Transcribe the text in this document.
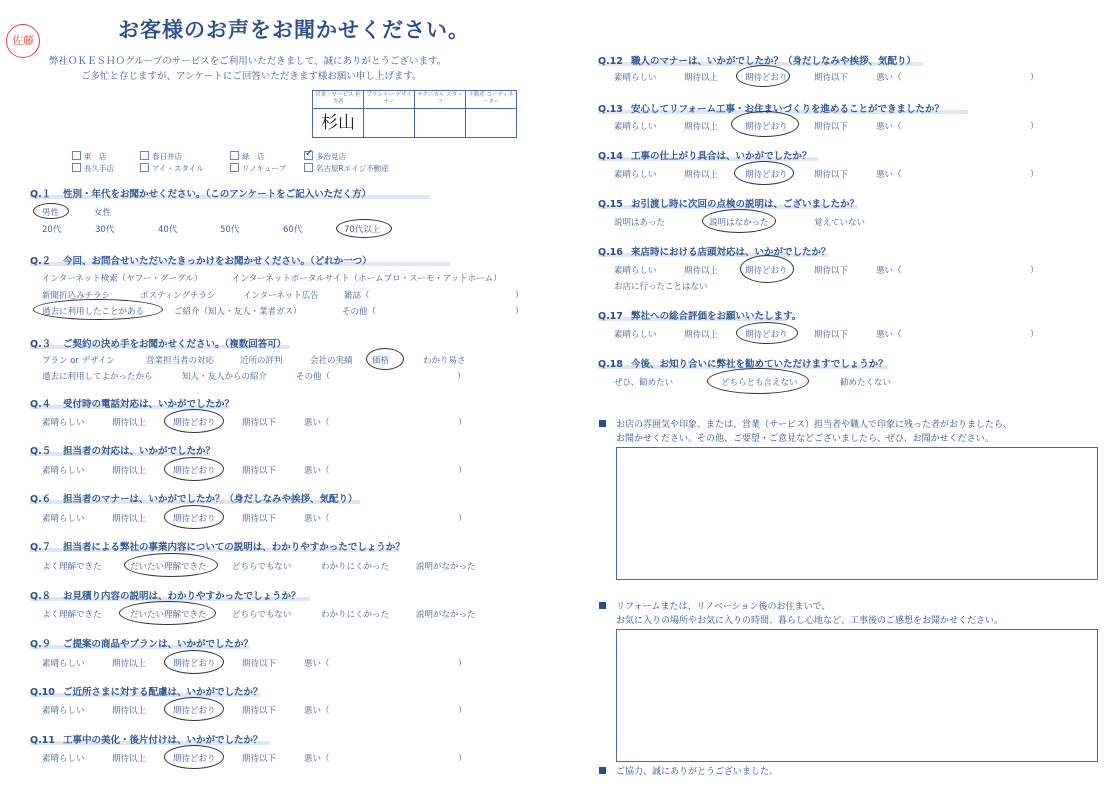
佐藤	お客様のお声をお聞かせください。
弊社ＯＫＥＳＨＯグループのサービスをご利用いただきまして、誠にありがとうございます。
ご多忙と存じますが、アンケートにご回答いただきます様お願い申し上げます。
営業・サービス 担当者	プランナー デザイナー	テクニカル スタッフ	不動産 コーディネーター
杉山			
東　店	春日井店	緑　店	✓ 多治見店
長久手店	アイ・スタイル	リノキューブ	名古屋Rエイジ不動産
Q.１ 性別・年代をお聞かせください。（このアンケートをご記入いただく方）
男性	女性
20代	30代	40代	50代	60代	70代以上
Q.２ 今回、お問合せいただいたきっかけをお聞かせください。（どれか一つ）
インターネット検索（ヤフー・グーグル）	インターネットポータルサイト（ホームプロ・スーモ・アットホーム）
新聞折込みチラシ	ポスティングチラシ	インターネット広告	雑誌（	）
過去に利用したことがある	ご紹介（知人・友人・業者ガス）	その他（	）
Q.３ ご契約の決め手をお聞かせください。（複数回答可）
プラン or デザイン	営業担当者の対応	近所の評判	会社の実績 価格	わかり易さ
過去に利用してよかったから	知人・友人からの紹介	その他（	）
Q.４ 受付時の電話対応は、いかがでしたか？
素晴らしい	期待以上	期待どおり	期待以下	悪い（	）
Q.５ 担当者の対応は、いかがでしたか？
素晴らしい	期待以上	期待どおり	期待以下	悪い（	）
Q.６ 担当者のマナーは、いかがでしたか？（身だしなみや挨拶、気配り）
素晴らしい	期待以上	期待どおり	期待以下	悪い（	）
Q.７ 担当者による弊社の事業内容についての説明は、わかりやすかったでしょうか？
よく理解できた	だいたい理解できた	どちらでもない	わかりにくかった	説明がなかった
Q.８ お見積り内容の説明は、わかりやすかったでしょうか？
よく理解できた	だいたい理解できた	どちらでもない	わかりにくかった	説明がなかった
Q.９ ご提案の商品やプランは、いかがでしたか？
素晴らしい	期待以上	期待どおり	期待以下	悪い（	）
Q.10 ご近所さまに対する配慮は、いかがでしたか？
素晴らしい	期待以上	期待どおり	期待以下	悪い（	）
Q.11 工事中の美化・後片付けは、いかがでしたか？
素晴らしい	期待以上	期待どおり	期待以下	悪い（	）
Q.12 職人のマナーは、いかがでしたか？（身だしなみや挨拶、気配り）
素晴らしい	期待以上	期待どおり	期待以下	悪い（	）
Q.13 安心してリフォーム工事・お住まいづくりを進めることができましたか？
素晴らしい	期待以上	期待どおり	期待以下	悪い（	）
Q.14 工事の仕上がり具合は、いかがでしたか？
素晴らしい	期待以上	期待どおり	期待以下	悪い（	）
Q.15 お引渡し時に次回の点検の説明は、ございましたか？
説明はあった	説明はなかった	覚えていない
Q.16 来店時における店頭対応は、いかがでしたか？
素晴らしい	期待以上	期待どおり	期待以下	悪い（	）
お店に行ったことはない
Q.17 弊社への総合評価をお願いいたします。
素晴らしい	期待以上	期待どおり	期待以下	悪い（	）
Q.18 今後、お知り合いに弊社を勧めていただけますでしょうか？
ぜひ、勧めたい	どちらとも言えない	勧めたくない
お店の雰囲気や印象、または、営業（サービス）担当者や職人で印象に残った者がおりましたら、
お聞かせください。その他、ご要望・ご意見などございましたら、ぜひ、お聞かせください。
リフォームまたは、リノベーション後のお住まいで、
お気に入りの場所やお気に入りの時間、暮らし心地など、工事後のご感想をお聞かせください。
ご協力、誠にありがとうございました。
